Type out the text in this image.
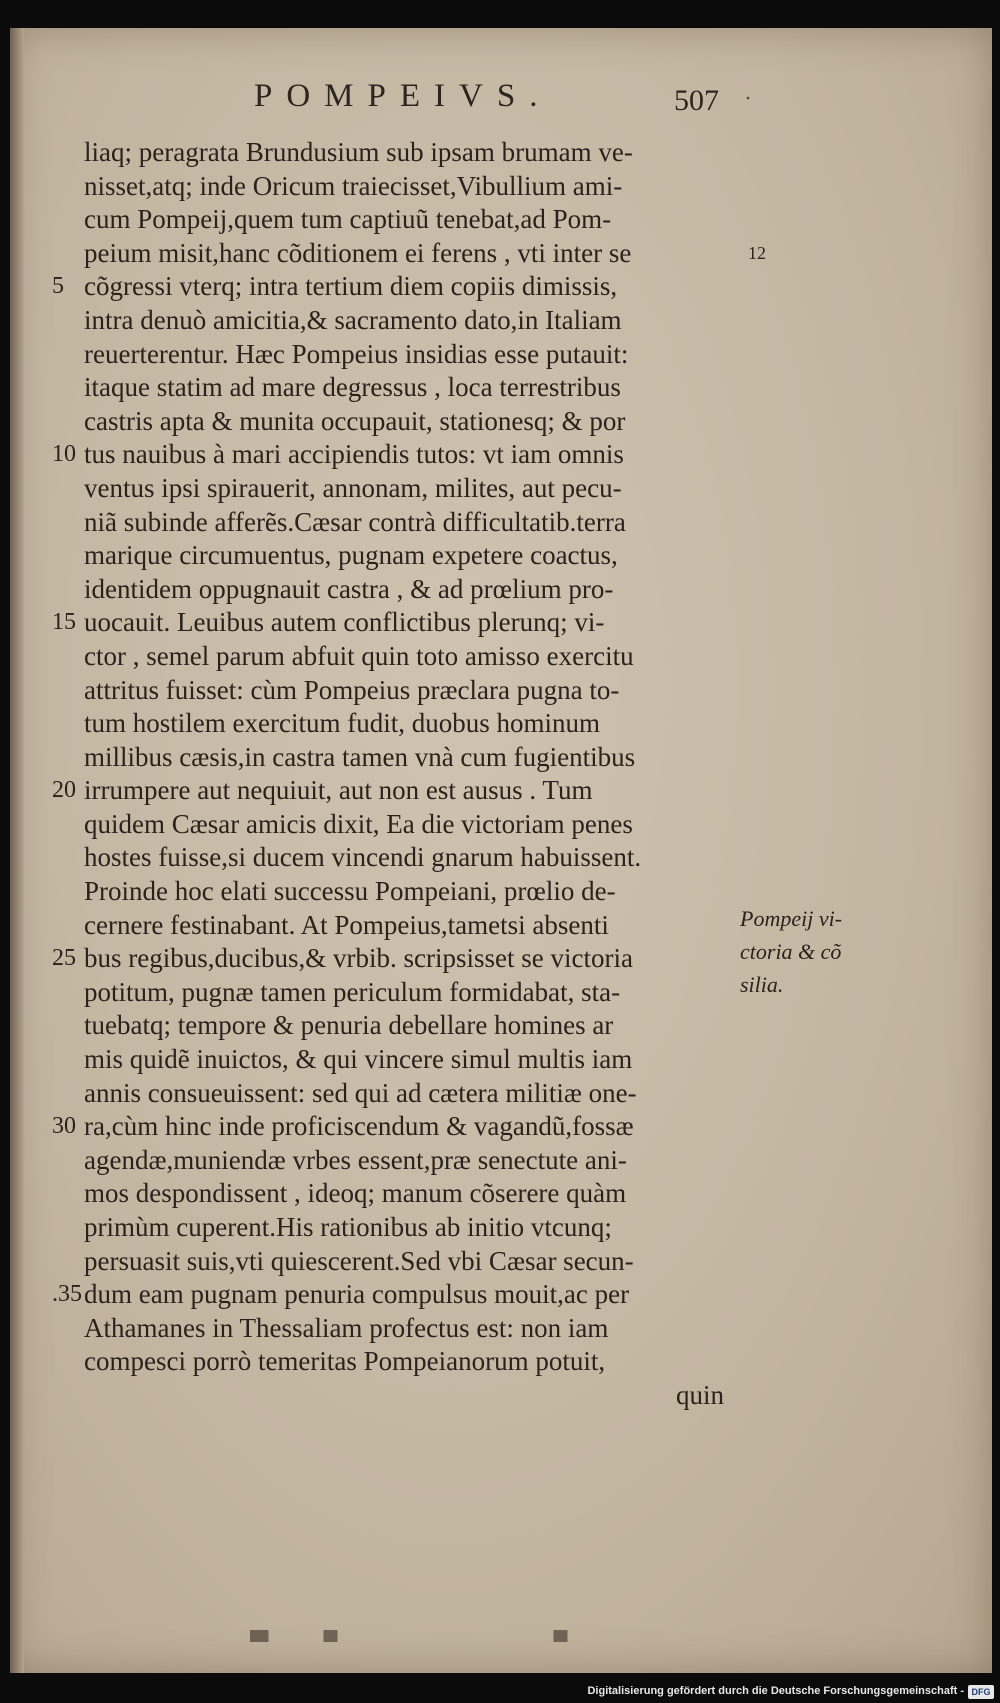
POMPEIVS.	507 ·
liaq; peragrata Brundusium sub ipsam brumam ve-
nisset,atq; inde Oricum traiecisset,Vibullium ami-
cum Pompeij,quem tum captiuũ tenebat,ad Pom-
peium misit,hanc cõditionem ei ferens , vti inter se	12
cõgressi vterq; intra tertium diem copiis dimissis,
5
intra denuò amicitia,& sacramento dato,in Italiam
reuerterentur. Hæc Pompeius insidias esse putauit:
itaque statim ad mare degressus , loca terrestribus
castris apta & munita occupauit, stationesq; & por
tus nauibus à mari accipiendis tutos: vt iam omnis
10
ventus ipsi spirauerit, annonam, milites, aut pecu-
niã subinde afferẽs.Cæsar contrà difficultatib.terra
marique circumuentus, pugnam expetere coactus,
identidem oppugnauit castra , & ad prœlium pro-
uocauit. Leuibus autem conflictibus plerunq; vi-
15
ctor , semel parum abfuit quin toto amisso exercitu
attritus fuisset: cùm Pompeius præclara pugna to-
tum hostilem exercitum fudit, duobus hominum
millibus cæsis,in castra tamen vnà cum fugientibus
irrumpere aut nequiuit, aut non est ausus . Tum
20
quidem Cæsar amicis dixit, Ea die victoriam penes
hostes fuisse,si ducem vincendi gnarum habuissent.
Proinde hoc elati successu Pompeiani, prœlio de-
cernere festinabant. At Pompeius,tametsi absenti
bus regibus,ducibus,& vrbib. scripsisset se victoria
25
potitum, pugnæ tamen periculum formidabat, sta-
tuebatq; tempore & penuria debellare homines ar
mis quidẽ inuictos, & qui vincere simul multis iam
annis consueuissent: sed qui ad cætera militiæ one-
ra,cùm hinc inde proficiscendum & vagandũ,fossæ
30
agendæ,muniendæ vrbes essent,præ senectute ani-
mos despondissent , ideoq; manum cõserere quàm
primùm cuperent.His rationibus ab initio vtcunq;
persuasit suis,vti quiescerent.Sed vbi Cæsar secun-
dum eam pugnam penuria compulsus mouit,ac per
.35
Athamanes in Thessaliam profectus est: non iam
compesci porrò temeritas Pompeianorum potuit,
quin
Pompeij vi-
ctoria & cõ
silia.
Digitalisierung gefördert durch die Deutsche Forschungsgemeinschaft - DFG
